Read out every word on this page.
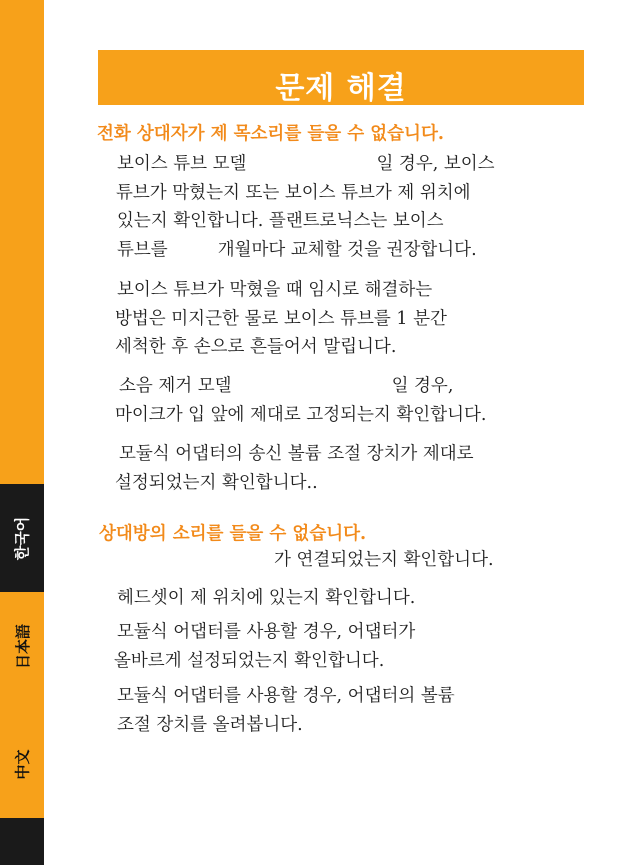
한국어
日本語
中文
문제 해결
전화 상대자가 제 목소리를 들을 수 없습니다.
보이스 튜브 모델	일 경우, 보이스
튜브가 막혔는지 또는 보이스 튜브가 제 위치에
있는지 확인합니다. 플랜트로닉스는 보이스
튜브를	개월마다 교체할 것을 권장합니다.
보이스 튜브가 막혔을 때 임시로 해결하는
방법은 미지근한 물로 보이스 튜브를 1 분간
세척한 후 손으로 흔들어서 말립니다.
소음 제거 모델	일 경우,
마이크가 입 앞에 제대로 고정되는지 확인합니다.
모듈식 어댑터의 송신 볼륨 조절 장치가 제대로
설정되었는지 확인합니다..
상대방의 소리를 들을 수 없습니다.
가 연결되었는지 확인합니다.
헤드셋이 제 위치에 있는지 확인합니다.
모듈식 어댑터를 사용할 경우, 어댑터가
올바르게 설정되었는지 확인합니다.
모듈식 어댑터를 사용할 경우, 어댑터의 볼륨
조절 장치를 올려봅니다.
